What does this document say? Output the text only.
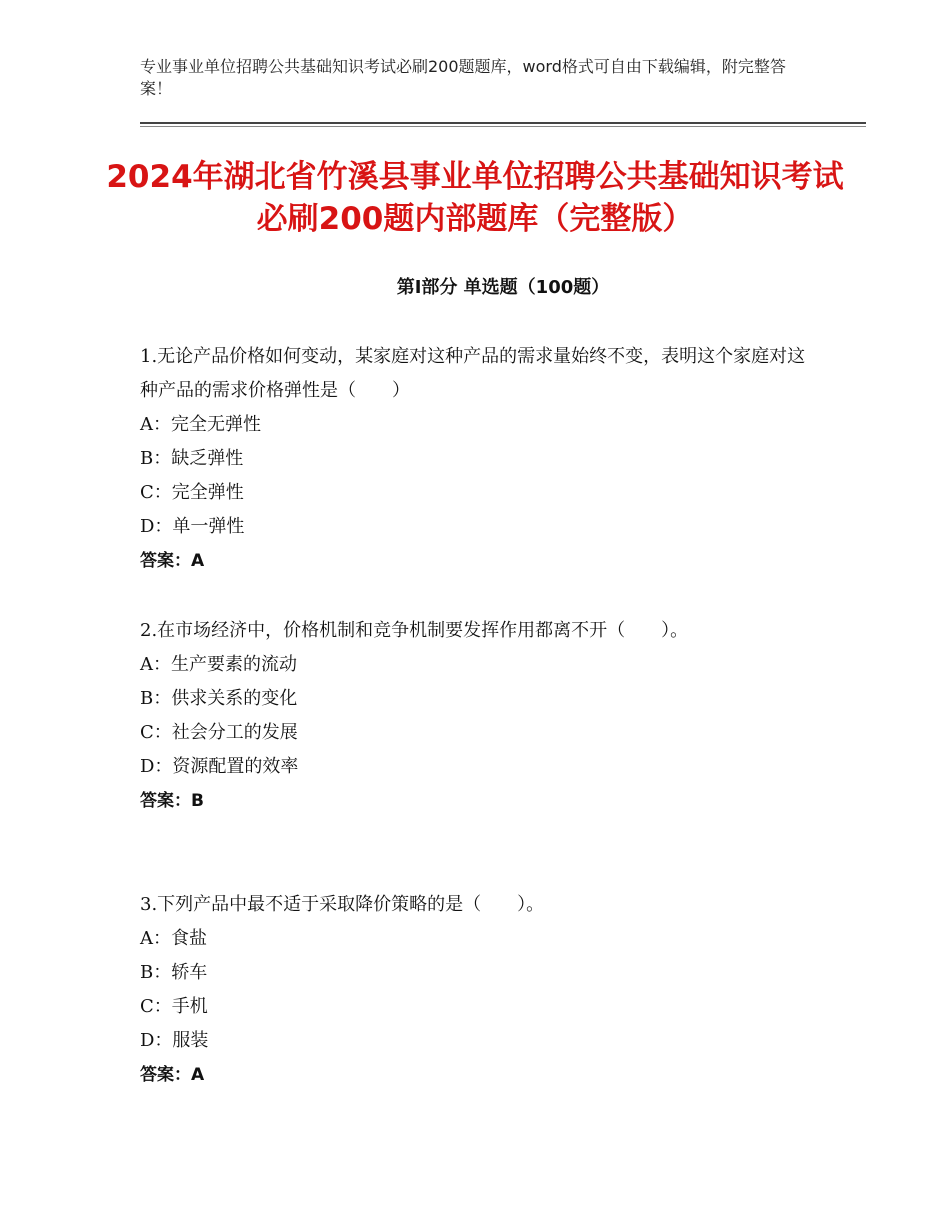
专业事业单位招聘公共基础知识考试必刷200题题库，word格式可自由下载编辑，附完整答案！
2024年湖北省竹溪县事业单位招聘公共基础知识考试必刷200题内部题库（完整版）
第Ⅰ部分 单选题（100题）

1.无论产品价格如何变动，某家庭对这种产品的需求量始终不变，表明这个家庭对这种产品的需求价格弹性是（　　）

A：完全无弹性

B：缺乏弹性

C：完全弹性

D：单一弹性

答案：A

2.在市场经济中，价格机制和竞争机制要发挥作用都离不开（　　）。

A：生产要素的流动

B：供求关系的变化

C：社会分工的发展

D：资源配置的效率

答案：B

3.下列产品中最不适于采取降价策略的是（　　）。

A：食盐

B：轿车

C：手机

D：服装

答案：A
